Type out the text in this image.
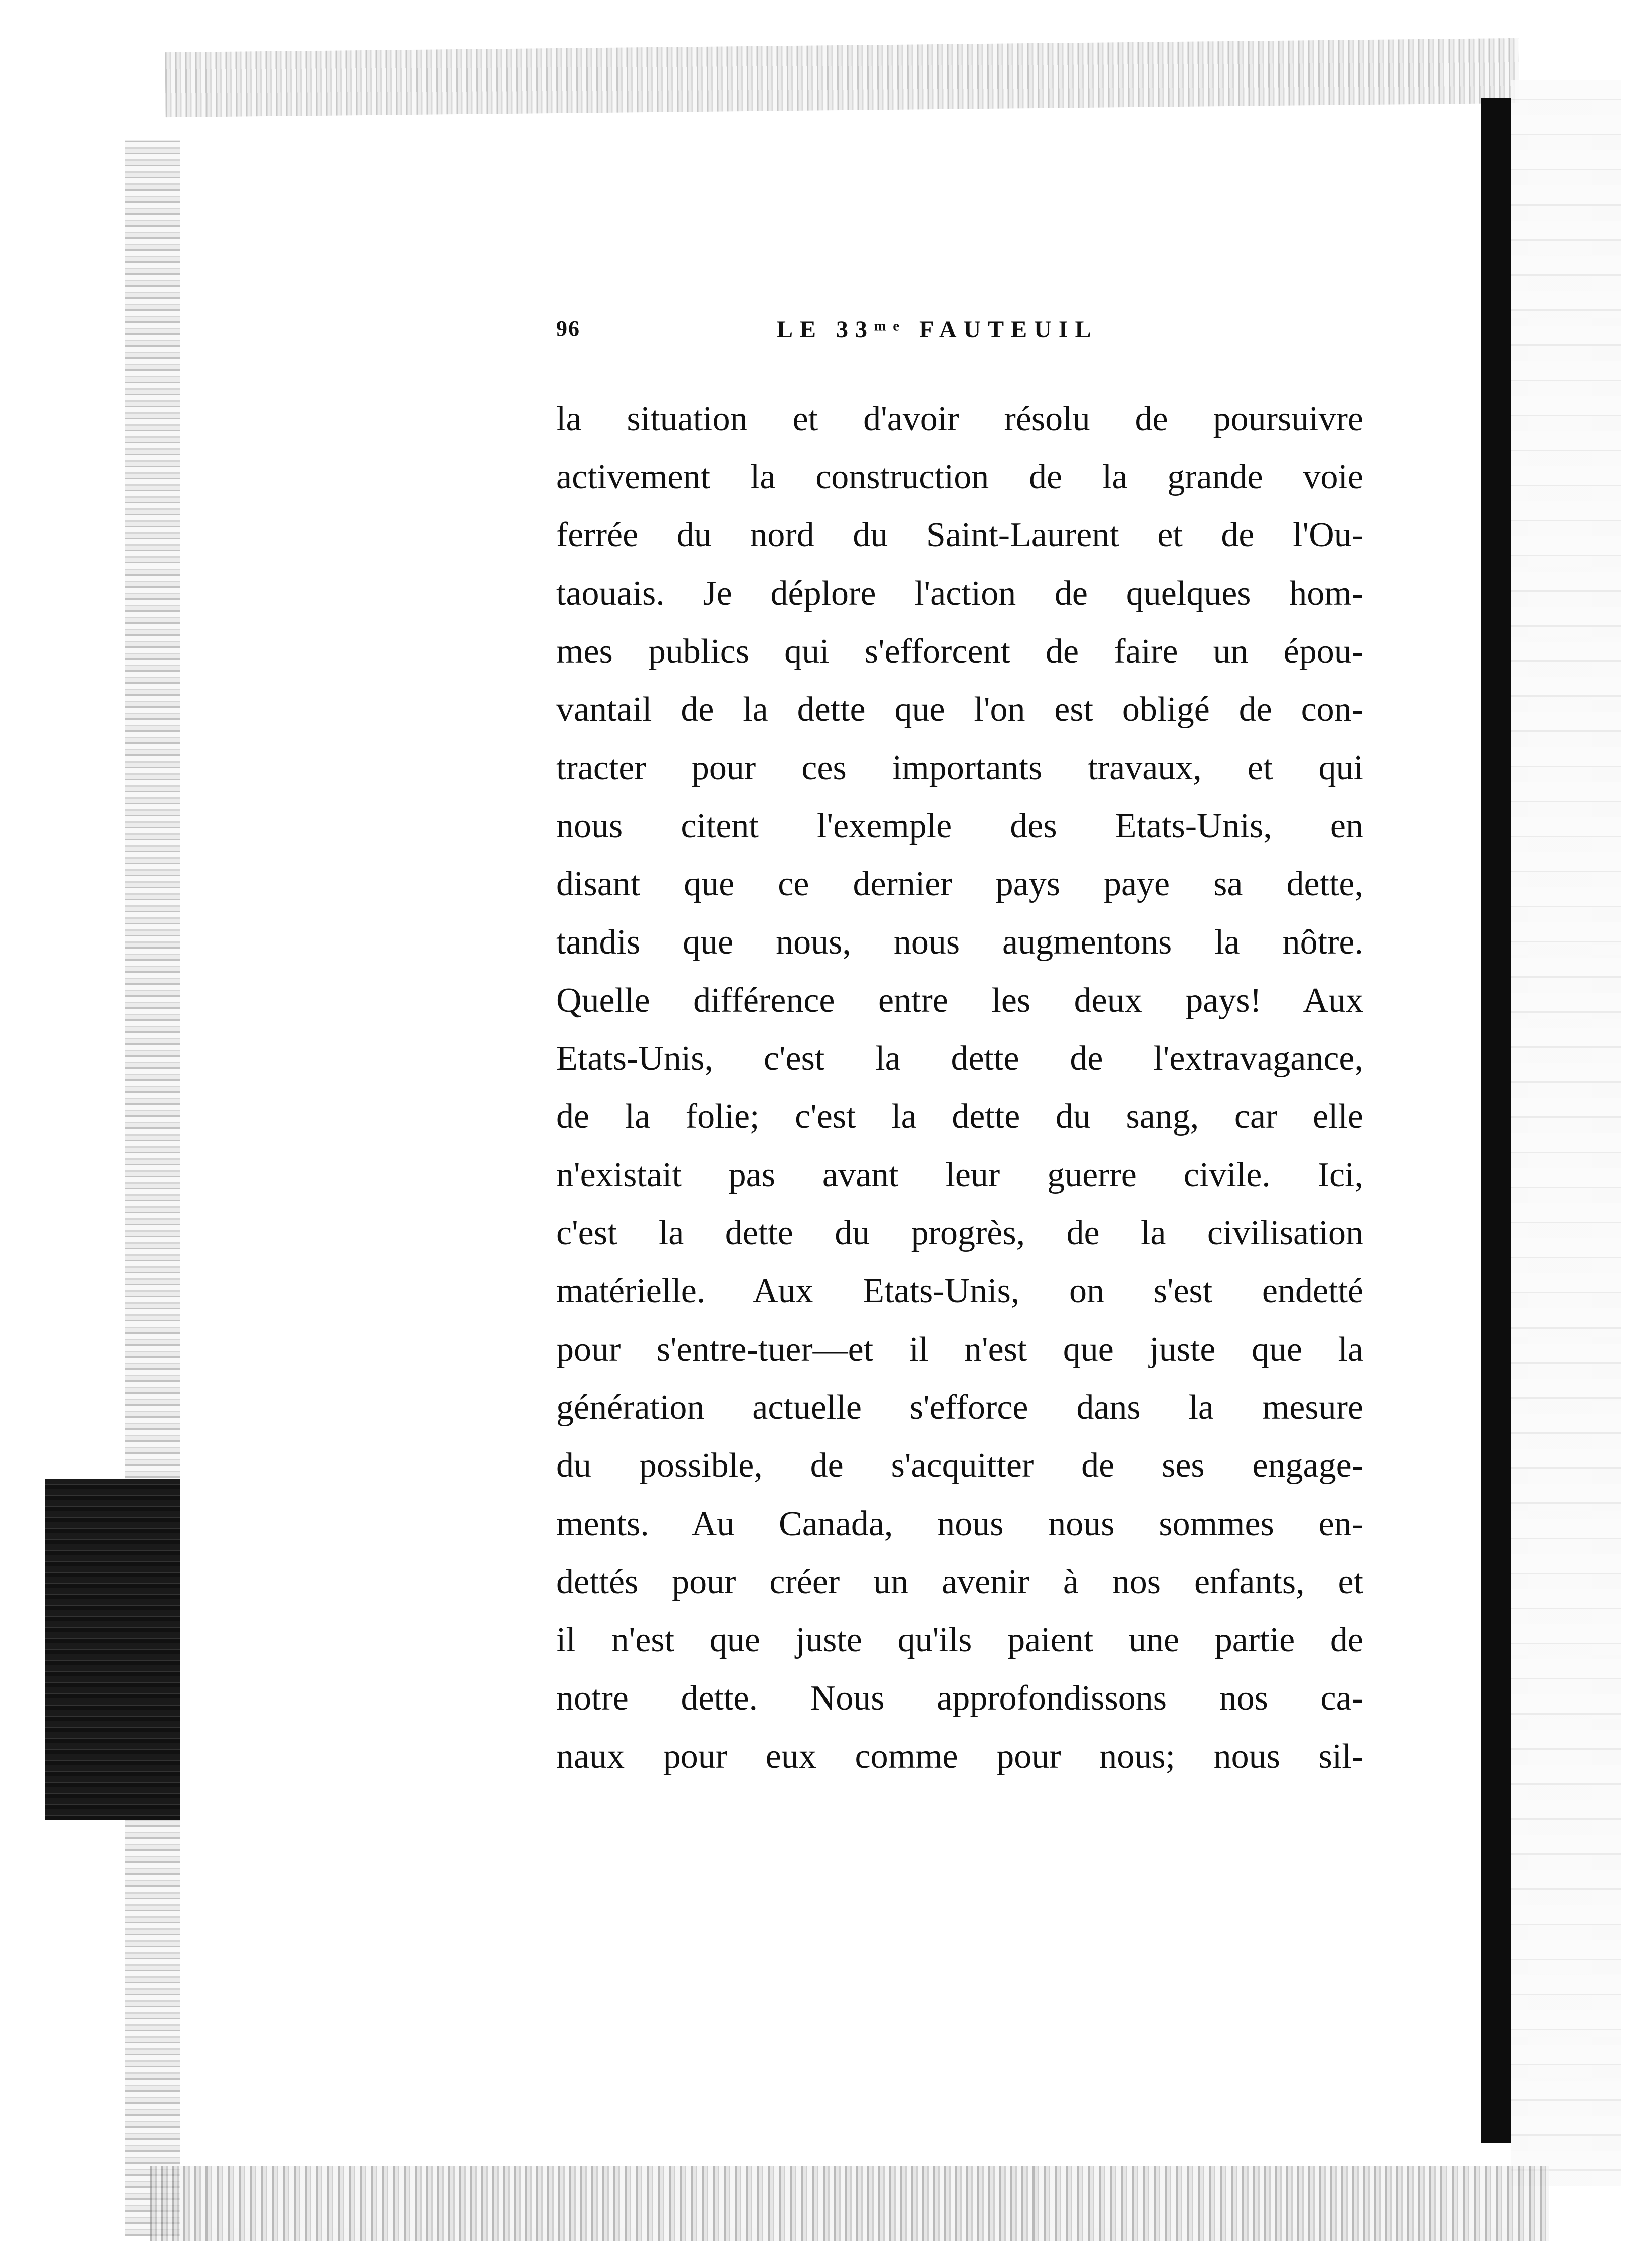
96	LE 33ᵐᵉ FAUTEUIL
la situation et d'avoir résolu de poursuivre
activement la construction de la grande voie
ferrée du nord du Saint-Laurent et de l'Ou-
taouais. Je déplore l'action de quelques hom-
mes publics qui s'efforcent de faire un épou-
vantail de la dette que l'on est obligé de con-
tracter pour ces importants travaux, et qui
nous citent l'exemple des Etats-Unis, en
disant que ce dernier pays paye sa dette,
tandis que nous, nous augmentons la nôtre.
Quelle différence entre les deux pays! Aux
Etats-Unis, c'est la dette de l'extravagance,
de la folie; c'est la dette du sang, car elle
n'existait pas avant leur guerre civile. Ici,
c'est la dette du progrès, de la civilisation
matérielle. Aux Etats-Unis, on s'est endetté
pour s'entre-tuer—et il n'est que juste que la
génération actuelle s'efforce dans la mesure
du possible, de s'acquitter de ses engage-
ments. Au Canada, nous nous sommes en-
dettés pour créer un avenir à nos enfants, et
il n'est que juste qu'ils paient une partie de
notre dette. Nous approfondissons nos ca-
naux pour eux comme pour nous; nous sil-
